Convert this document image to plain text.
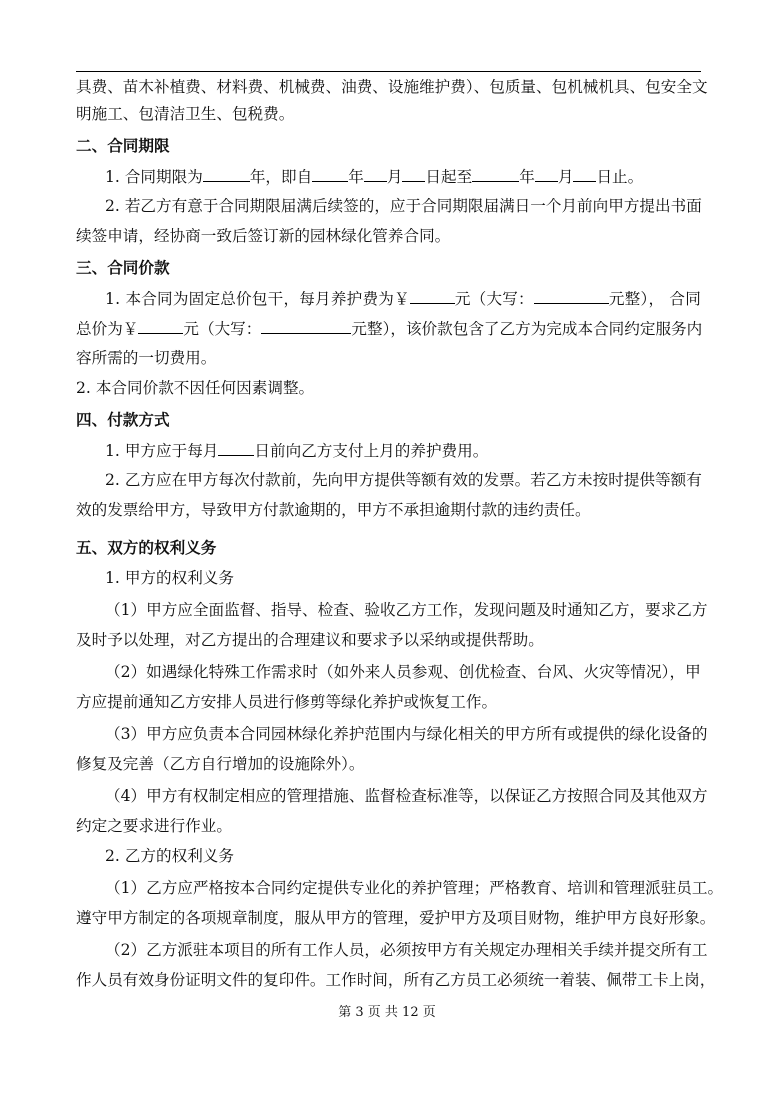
具费、苗木补植费、材料费、机械费、油费、设施维护费）、包质量、包机械机具、包安全文
明施工、包清洁卫生、包税费。
二、合同期限
1. 合同期限为	年，即自 年 月 日起至	年 月 日止。
2. 若乙方有意于合同期限届满后续签的，应于合同期限届满日一个月前向甲方提出书面
续签申请，经协商一致后签订新的园林绿化管养合同。
三、合同价款
1. 本合同为固定总价包干，每月养护费为￥	元（大写：	元整）， 合同
总价为￥	元（大写：	元整），该价款包含了乙方为完成本合同约定服务内
容所需的一切费用。
2. 本合同价款不因任何因素调整。
四、付款方式
1. 甲方应于每月 日前向乙方支付上月的养护费用。
2. 乙方应在甲方每次付款前，先向甲方提供等额有效的发票。若乙方未按时提供等额有
效的发票给甲方，导致甲方付款逾期的，甲方不承担逾期付款的违约责任。
五、双方的权利义务
1. 甲方的权利义务
（1）甲方应全面监督、指导、检查、验收乙方工作，发现问题及时通知乙方，要求乙方
及时予以处理，对乙方提出的合理建议和要求予以采纳或提供帮助。
（2）如遇绿化特殊工作需求时（如外来人员参观、创优检查、台风、火灾等情况），甲
方应提前通知乙方安排人员进行修剪等绿化养护或恢复工作。
（3）甲方应负责本合同园林绿化养护范围内与绿化相关的甲方所有或提供的绿化设备的
修复及完善（乙方自行增加的设施除外）。
（4）甲方有权制定相应的管理措施、监督检查标准等，以保证乙方按照合同及其他双方
约定之要求进行作业。
2. 乙方的权利义务
（1）乙方应严格按本合同约定提供专业化的养护管理；严格教育、培训和管理派驻员工。
遵守甲方制定的各项规章制度，服从甲方的管理，爱护甲方及项目财物，维护甲方良好形象。
（2）乙方派驻本项目的所有工作人员，必须按甲方有关规定办理相关手续并提交所有工
作人员有效身份证明文件的复印件。工作时间，所有乙方员工必须统一着装、佩带工卡上岗，
第 3 页 共 12 页
